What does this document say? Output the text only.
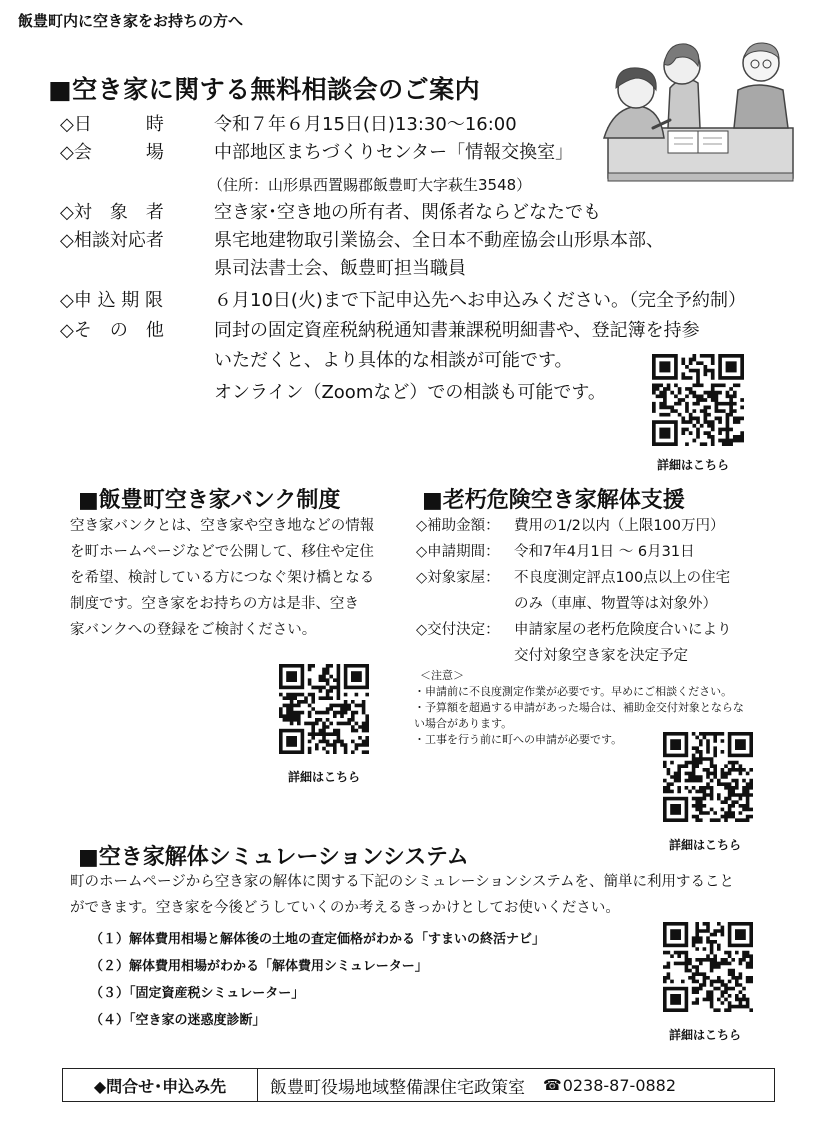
飯豊町内に空き家をお持ちの方へ
■空き家に関する無料相談会のご案内
◇日　　　時	令和７年６月15日(日)13:30〜16:00
◇会　　　場	中部地区まちづくりセンター「情報交換室」
（住所：山形県西置賜郡飯豊町大字萩生3548）
◇対　象　者	空き家･空き地の所有者、関係者ならどなたでも
◇相談対応者	県宅地建物取引業協会、全日本不動産協会山形県本部、
県司法書士会、飯豊町担当職員
◇申 込 期 限	６月10日(火)まで下記申込先へお申込みください。（完全予約制）
◇そ　の　他	同封の固定資産税納税通知書兼課税明細書や、登記簿を持参
いただくと、より具体的な相談が可能です。
オンライン（Zoomなど）での相談も可能です。
詳細はこちら
■飯豊町空き家バンク制度
空き家バンクとは、空き家や空き地などの情報
を町ホームページなどで公開して、移住や定住
を希望、検討している方につなぐ架け橋となる
制度です。空き家をお持ちの方は是非、空き
家バンクへの登録をご検討ください。
詳細はこちら
■老朽危険空き家解体支援
◇補助金額： 費用の1/2以内（上限100万円）
◇申請期間： 令和7年4月1日 〜 6月31日
◇対象家屋： 不良度測定評点100点以上の住宅
のみ（車庫、物置等は対象外）
◇交付決定： 申請家屋の老朽危険度合いにより
交付対象空き家を決定予定
＜注意＞
・申請前に不良度測定作業が必要です。早めにご相談ください。
・予算額を超過する申請があった場合は、補助金交付対象とならな
い場合があります。
・工事を行う前に町への申請が必要です。
詳細はこちら
■空き家解体シミュレーションシステム
町のホームページから空き家の解体に関する下記のシミュレーションシステムを、簡単に利用すること
ができます。空き家を今後どうしていくのか考えるきっかけとしてお使いください。
（１）解体費用相場と解体後の土地の査定価格がわかる「すまいの終活ナビ」
（２）解体費用相場がわかる「解体費用シミュレーター」
（３）「固定資産税シミュレーター」
（４）「空き家の迷惑度診断」
詳細はこちら
◆問合せ･申込み先	飯豊町役場地域整備課住宅政策室 ☎ 0238-87-0882
